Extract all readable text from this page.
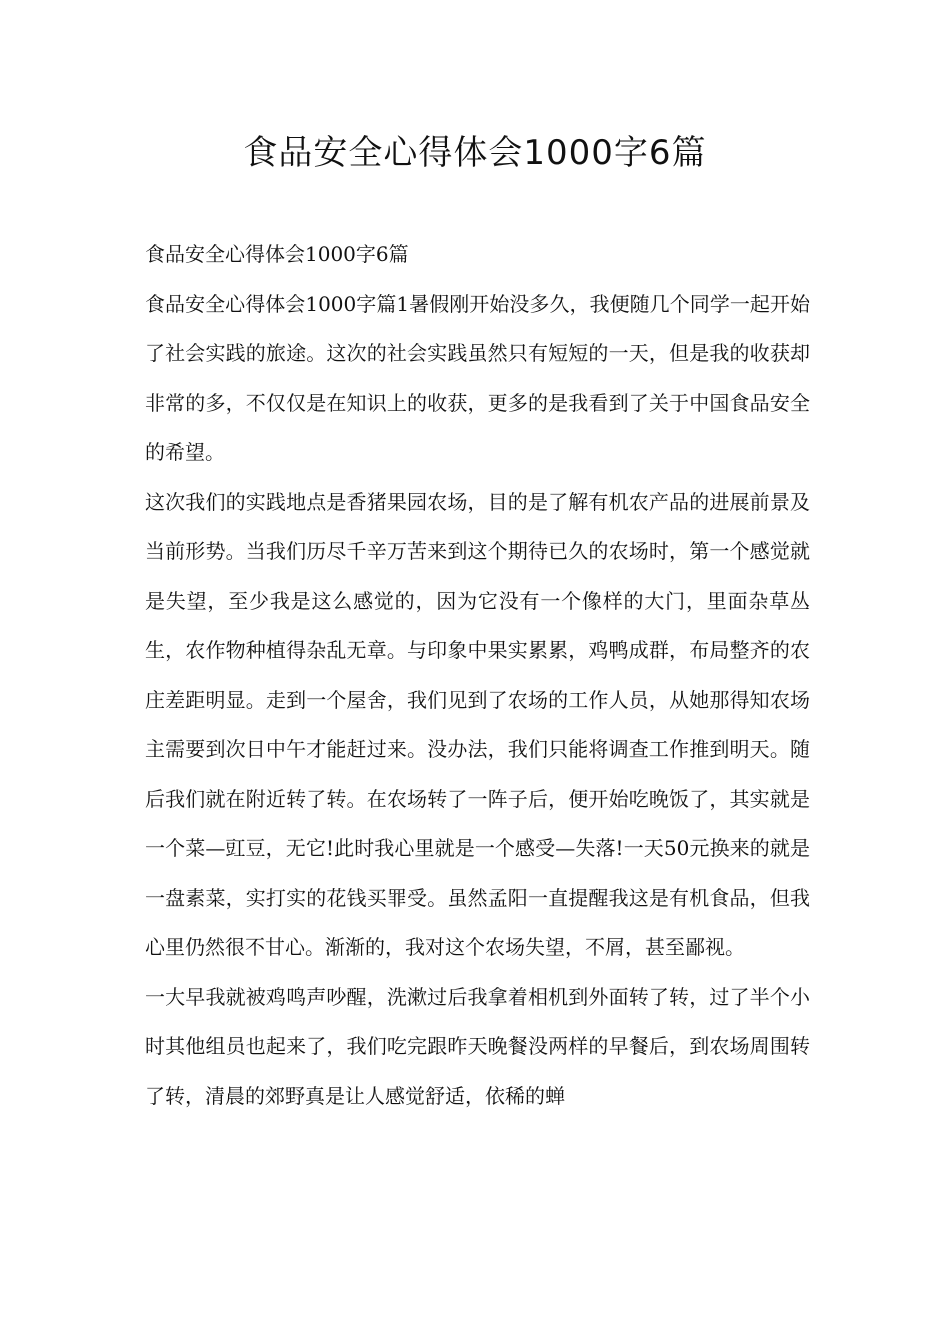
食品安全心得体会1000字6篇

食品安全心得体会1000字6篇

食品安全心得体会1000字篇1暑假刚开始没多久，我便随几个同学一起开始了社会实践的旅途。这次的社会实践虽然只有短短的一天，但是我的收获却非常的多，不仅仅是在知识上的收获，更多的是我看到了关于中国食品安全的希望。

这次我们的实践地点是香猪果园农场，目的是了解有机农产品的进展前景及当前形势。当我们历尽千辛万苦来到这个期待已久的农场时，第一个感觉就是失望，至少我是这么感觉的，因为它没有一个像样的大门，里面杂草丛生，农作物种植得杂乱无章。与印象中果实累累，鸡鸭成群，布局整齐的农庄差距明显。走到一个屋舍，我们见到了农场的工作人员，从她那得知农场主需要到次日中午才能赶过来。没办法，我们只能将调查工作推到明天。随后我们就在附近转了转。在农场转了一阵子后，便开始吃晚饭了，其实就是一个菜—豇豆，无它!此时我心里就是一个感受—失落!一天50元换来的就是一盘素菜，实打实的花钱买罪受。虽然孟阳一直提醒我这是有机食品，但我心里仍然很不甘心。渐渐的，我对这个农场失望，不屑，甚至鄙视。

一大早我就被鸡鸣声吵醒，洗漱过后我拿着相机到外面转了转，过了半个小时其他组员也起来了，我们吃完跟昨天晚餐没两样的早餐后，到农场周围转了转，清晨的郊野真是让人感觉舒适，依稀的蝉
